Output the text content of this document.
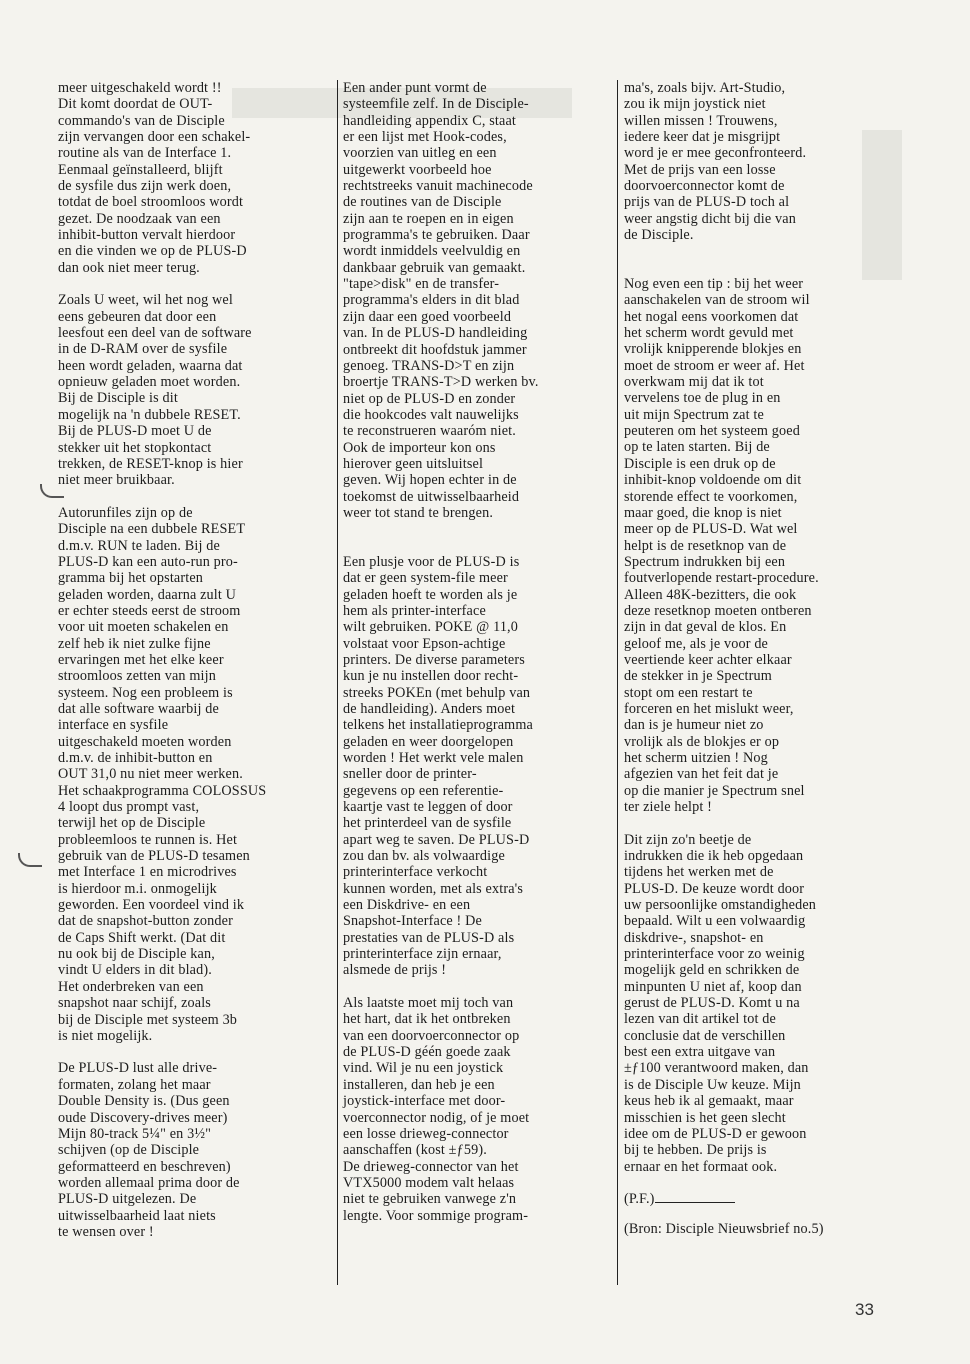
meer uitgeschakeld wordt !!
Dit komt doordat de OUT-
commando's van de Disciple
zijn vervangen door een schakel-
routine als van de Interface 1.
Eenmaal geïnstalleerd, blijft
de sysfile dus zijn werk doen,
totdat de boel stroomloos wordt
gezet. De noodzaak van een
inhibit-button vervalt hierdoor
en die vinden we op de PLUS-D
dan ook niet meer terug.

Zoals U weet, wil het nog wel
eens gebeuren dat door een
leesfout een deel van de software
in de D-RAM over de sysfile
heen wordt geladen, waarna dat
opnieuw geladen moet worden.
Bij de Disciple is dit
mogelijk na 'n dubbele RESET.
Bij de PLUS-D moet U de
stekker uit het stopkontact
trekken, de RESET-knop is hier
niet meer bruikbaar.

Autorunfiles zijn op de
Disciple na een dubbele RESET
d.m.v. RUN te laden. Bij de
PLUS-D kan een auto-run pro-
gramma bij het opstarten
geladen worden, daarna zult U
er echter steeds eerst de stroom
voor uit moeten schakelen en
zelf heb ik niet zulke fijne
ervaringen met het elke keer
stroomloos zetten van mijn
systeem. Nog een probleem is
dat alle software waarbij de
interface en sysfile
uitgeschakeld moeten worden
d.m.v. de inhibit-button en
OUT 31,0 nu niet meer werken.
Het schaakprogramma COLOSSUS
4 loopt dus prompt vast,
terwijl het op de Disciple
probleemloos te runnen is. Het
gebruik van de PLUS-D tesamen
met Interface 1 en microdrives
is hierdoor m.i. onmogelijk
geworden. Een voordeel vind ik
dat de snapshot-button zonder
de Caps Shift werkt. (Dat dit
nu ook bij de Disciple kan,
vindt U elders in dit blad).
Het onderbreken van een
snapshot naar schijf, zoals
bij de Disciple met systeem 3b
is niet mogelijk.

De PLUS-D lust alle drive-
formaten, zolang het maar
Double Density is. (Dus geen
oude Discovery-drives meer)
Mijn 80-track 5¼" en 3½"
schijven (op de Disciple
geformatteerd en beschreven)
worden allemaal prima door de
PLUS-D uitgelezen. De
uitwisselbaarheid laat niets
te wensen over !

Een ander punt vormt de
systeemfile zelf. In de Disciple-
handleiding appendix C, staat
er een lijst met Hook-codes,
voorzien van uitleg en een
uitgewerkt voorbeeld hoe
rechtstreeks vanuit machinecode
de routines van de Disciple
zijn aan te roepen en in eigen
programma's te gebruiken. Daar
wordt inmiddels veelvuldig en
dankbaar gebruik van gemaakt.
"tape>disk" en de transfer-
programma's elders in dit blad
zijn daar een goed voorbeeld
van. In de PLUS-D handleiding
ontbreekt dit hoofdstuk jammer
genoeg. TRANS-D>T en zijn
broertje TRANS-T>D werken bv.
niet op de PLUS-D en zonder
die hookcodes valt nauwelijks
te reconstrueren waaróm niet.
Ook de importeur kon ons
hierover geen uitsluitsel
geven. Wij hopen echter in de
toekomst de uitwisselbaarheid
weer tot stand te brengen.

Een plusje voor de PLUS-D is
dat er geen system-file meer
geladen hoeft te worden als je
hem als printer-interface
wilt gebruiken. POKE @ 11,0
volstaat voor Epson-achtige
printers. De diverse parameters
kun je nu instellen door recht-
streeks POKEn (met behulp van
de handleiding). Anders moet
telkens het installatieprogramma
geladen en weer doorgelopen
worden ! Het werkt vele malen
sneller door de printer-
gegevens op een referentie-
kaartje vast te leggen of door
het printerdeel van de sysfile
apart weg te saven. De PLUS-D
zou dan bv. als volwaardige
printerinterface verkocht
kunnen worden, met als extra's
een Diskdrive- en een
Snapshot-Interface ! De
prestaties van de PLUS-D als
printerinterface zijn ernaar,
alsmede de prijs !

Als laatste moet mij toch van
het hart, dat ik het ontbreken
van een doorvoerconnector op
de PLUS-D géén goede zaak
vind. Wil je nu een joystick
installeren, dan heb je een
joystick-interface met door-
voerconnector nodig, of je moet
een losse drieweg-connector
aanschaffen (kost ±ƒ59).
De drieweg-connector van het
VTX5000 modem valt helaas
niet te gebruiken vanwege z'n
lengte. Voor sommige program-

ma's, zoals bijv. Art-Studio,
zou ik mijn joystick niet
willen missen ! Trouwens,
iedere keer dat je misgrijpt
word je er mee geconfronteerd.
Met de prijs van een losse
doorvoerconnector komt de
prijs van de PLUS-D toch al
weer angstig dicht bij die van
de Disciple.

Nog even een tip : bij het weer
aanschakelen van de stroom wil
het nogal eens voorkomen dat
het scherm wordt gevuld met
vrolijk knipperende blokjes en
moet de stroom er weer af. Het
overkwam mij dat ik tot
vervelens toe de plug in en
uit mijn Spectrum zat te
peuteren om het systeem goed
op te laten starten. Bij de
Disciple is een druk op de
inhibit-knop voldoende om dit
storende effect te voorkomen,
maar goed, die knop is niet
meer op de PLUS-D. Wat wel
helpt is de resetknop van de
Spectrum indrukken bij een
foutverlopende restart-procedure.
Alleen 48K-bezitters, die ook
deze resetknop moeten ontberen
zijn in dat geval de klos. En
geloof me, als je voor de
veertiende keer achter elkaar
de stekker in je Spectrum
stopt om een restart te
forceren en het mislukt weer,
dan is je humeur niet zo
vrolijk als de blokjes er op
het scherm uitzien ! Nog
afgezien van het feit dat je
op die manier je Spectrum snel
ter ziele helpt !

Dit zijn zo'n beetje de
indrukken die ik heb opgedaan
tijdens het werken met de
PLUS-D. De keuze wordt door
uw persoonlijke omstandigheden
bepaald. Wilt u een volwaardig
diskdrive-, snapshot- en
printerinterface voor zo weinig
mogelijk geld en schrikken de
minpunten U niet af, koop dan
gerust de PLUS-D. Komt u na
lezen van dit artikel tot de
conclusie dat de verschillen
best een extra uitgave van
±ƒ100 verantwoord maken, dan
is de Disciple Uw keuze. Mijn
keus heb ik al gemaakt, maar
misschien is het geen slecht
idee om de PLUS-D er gewoon
bij te hebben. De prijs is
ernaar en het formaat ook.

(P.F.)

(Bron: Disciple Nieuwsbrief no.5)

33
